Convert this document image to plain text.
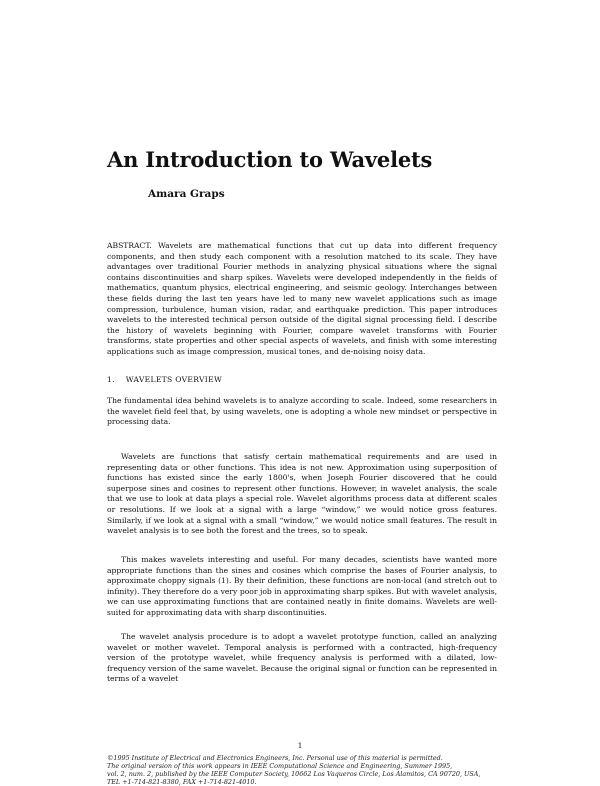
An Introduction to Wavelets
Amara Graps
ABSTRACT. Wavelets are mathematical functions that cut up data into different frequency components, and then study each component with a resolution matched to its scale. They have advantages over traditional Fourier methods in analyzing physical situations where the signal contains discontinuities and sharp spikes. Wavelets were developed independently in the fields of mathematics, quantum physics, electrical engineering, and seismic geology. Interchanges between these fields during the last ten years have led to many new wavelet applications such as image compression, turbulence, human vision, radar, and earthquake prediction. This paper introduces wavelets to the interested technical person outside of the digital signal processing field. I describe the history of wavelets beginning with Fourier, compare wavelet transforms with Fourier transforms, state properties and other special aspects of wavelets, and finish with some interesting applications such as image compression, musical tones, and de-noising noisy data.
1. WAVELETS OVERVIEW
The fundamental idea behind wavelets is to analyze according to scale. Indeed, some researchers in the wavelet field feel that, by using wavelets, one is adopting a whole new mindset or perspective in processing data.
Wavelets are functions that satisfy certain mathematical requirements and are used in representing data or other functions. This idea is not new. Approximation using superposition of functions has existed since the early 1800's, when Joseph Fourier discovered that he could superpose sines and cosines to represent other functions. However, in wavelet analysis, the scale that we use to look at data plays a special role. Wavelet algorithms process data at different scales or resolutions. If we look at a signal with a large “window,” we would notice gross features. Similarly, if we look at a signal with a small “window,” we would notice small features. The result in wavelet analysis is to see both the forest and the trees, so to speak.
This makes wavelets interesting and useful. For many decades, scientists have wanted more appropriate functions than the sines and cosines which comprise the bases of Fourier analysis, to approximate choppy signals (1). By their definition, these functions are non-local (and stretch out to infinity). They therefore do a very poor job in approximating sharp spikes. But with wavelet analysis, we can use approximating functions that are contained neatly in finite domains. Wavelets are well-suited for approximating data with sharp discontinuities.
The wavelet analysis procedure is to adopt a wavelet prototype function, called an analyzing wavelet or mother wavelet. Temporal analysis is performed with a contracted, high-frequency version of the prototype wavelet, while frequency analysis is performed with a dilated, low-frequency version of the same wavelet. Because the original signal or function can be represented in terms of a wavelet
1
©1995 Institute of Electrical and Electronics Engineers, Inc. Personal use of this material is permitted.
The original version of this work appears in IEEE Computational Science and Engineering, Summer 1995,
vol. 2, num. 2, published by the IEEE Computer Society, 10662 Los Vaqueros Circle, Los Alamitos, CA 90720, USA,
TEL +1-714-821-8380, FAX +1-714-821-4010.
